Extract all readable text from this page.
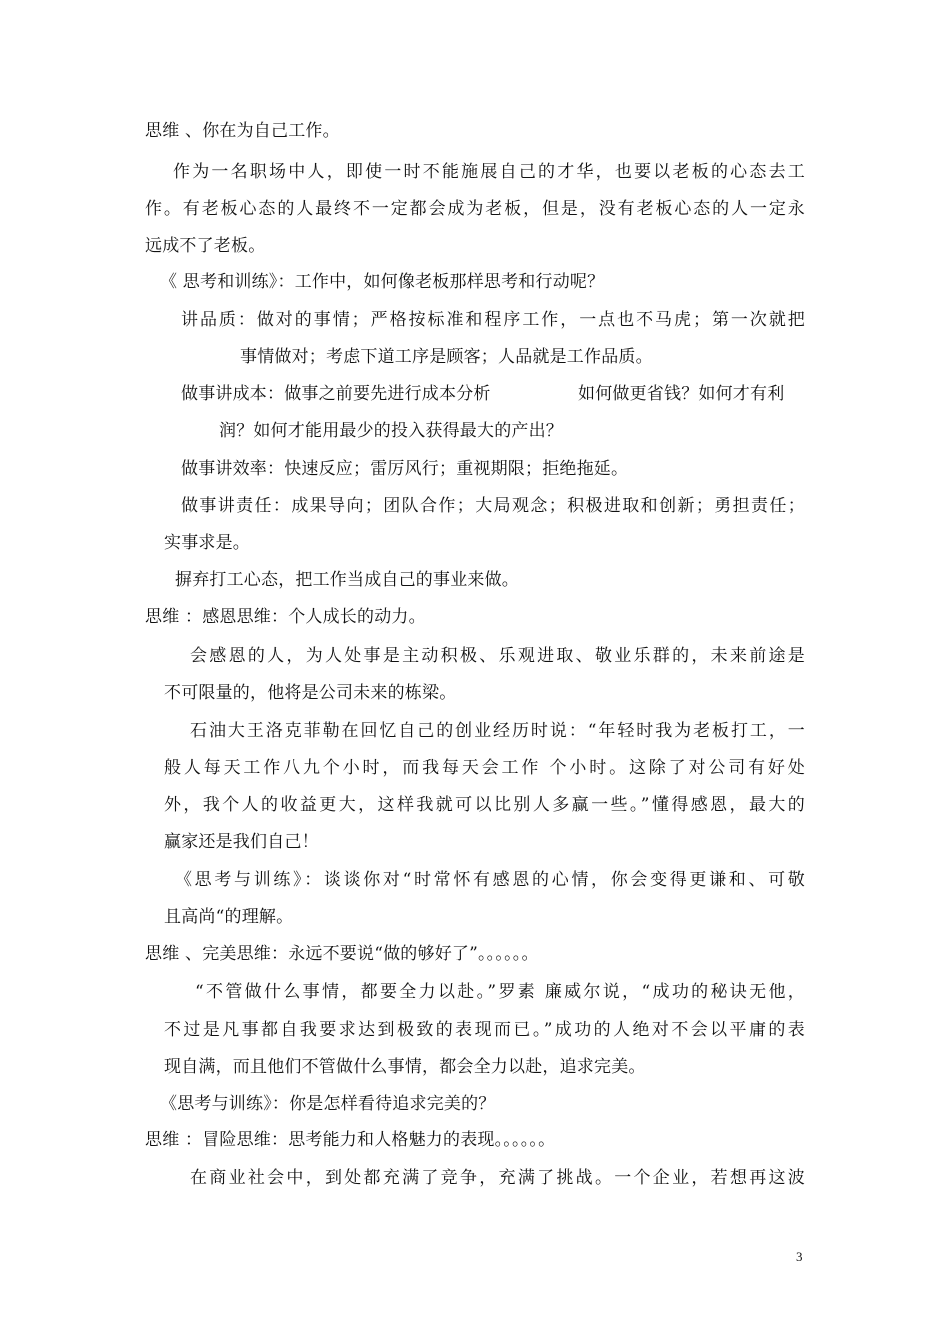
思维 、你在为自己工作。
作为一名职场中人，即使一时不能施展自己的才华，也要以老板的心态去工
作。有老板心态的人最终不一定都会成为老板，但是，没有老板心态的人一定永
远成不了老板。
《 思考和训练》：工作中，如何像老板那样思考和行动呢？
讲品质：做对的事情；严格按标准和程序工作，一点也不马虎；第一次就把
事情做对；考虑下道工序是顾客；人品就是工作品质。
做事讲成本：做事之前要先进行成本分析	如何做更省钱？如何才有利
润？如何才能用最少的投入获得最大的产出？
做事讲效率：快速反应；雷厉风行；重视期限；拒绝拖延。
做事讲责任：成果导向；团队合作；大局观念；积极进取和创新；勇担责任；
实事求是。
摒弃打工心态，把工作当成自己的事业来做。
思维 ：感恩思维：个人成长的动力。
会感恩的人，为人处事是主动积极、乐观进取、敬业乐群的，未来前途是
不可限量的，他将是公司未来的栋梁。
石油大王洛克菲勒在回忆自己的创业经历时说：“年轻时我为老板打工，一
般人每天工作八九个小时，而我每天会工作 个小时。这除了对公司有好处
外，我个人的收益更大，这样我就可以比别人多赢一些。”懂得感恩，最大的
赢家还是我们自己！
《思考与训练》：谈谈你对“时常怀有感恩的心情，你会变得更谦和、可敬
且高尚“的理解。
思维 、完美思维：永远不要说“做的够好了”。。。。。。
“不管做什么事情，都要全力以赴。”罗素 廉威尔说，“成功的秘诀无他，
不过是凡事都自我要求达到极致的表现而已。”成功的人绝对不会以平庸的表
现自满，而且他们不管做什么事情，都会全力以赴，追求完美。
《思考与训练》：你是怎样看待追求完美的？
思维 ：冒险思维：思考能力和人格魅力的表现。。。。。。
在商业社会中，到处都充满了竞争，充满了挑战。一个企业，若想再这波
3
